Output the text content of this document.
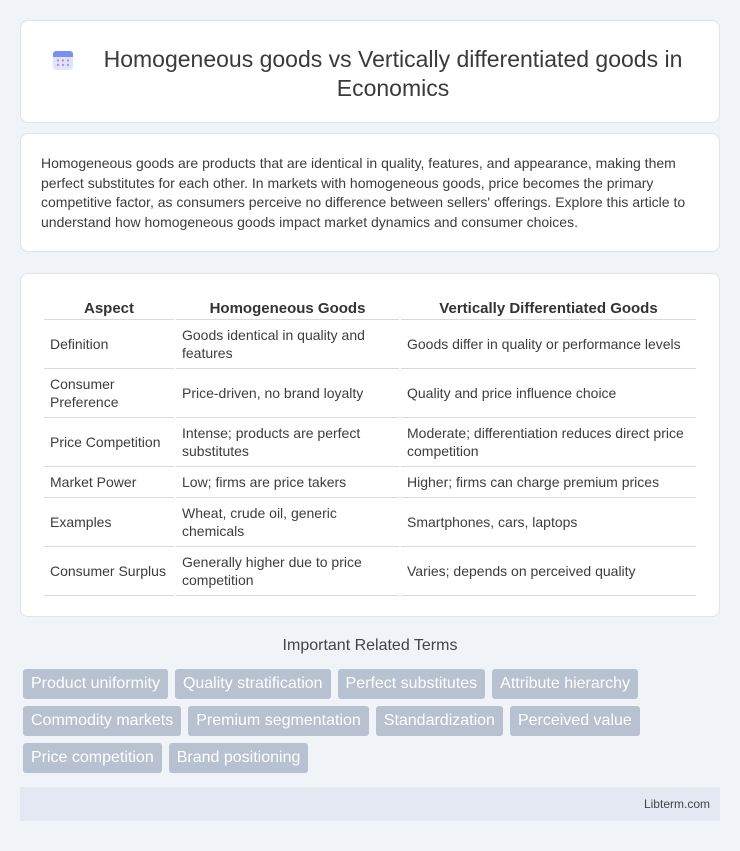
Homogeneous goods vs Vertically differentiated goods in Economics

Homogeneous goods are products that are identical in quality, features, and appearance, making them perfect substitutes for each other. In markets with homogeneous goods, price becomes the primary competitive factor, as consumers perceive no difference between sellers' offerings. Explore this article to understand how homogeneous goods impact market dynamics and consumer choices.

Aspect	Homogeneous Goods	Vertically Differentiated Goods
Definition	Goods identical in quality and features	Goods differ in quality or performance levels
Consumer Preference	Price-driven, no brand loyalty	Quality and price influence choice
Price Competition	Intense; products are perfect substitutes	Moderate; differentiation reduces direct price competition
Market Power	Low; firms are price takers	Higher; firms can charge premium prices
Examples	Wheat, crude oil, generic chemicals	Smartphones, cars, laptops
Consumer Surplus	Generally higher due to price competition	Varies; depends on perceived quality
Important Related Terms
Product uniformity	Quality stratification	Perfect substitutes	Attribute hierarchy
Commodity markets	Premium segmentation	Standardization	Perceived value
Price competition	Brand positioning
Libterm.com
